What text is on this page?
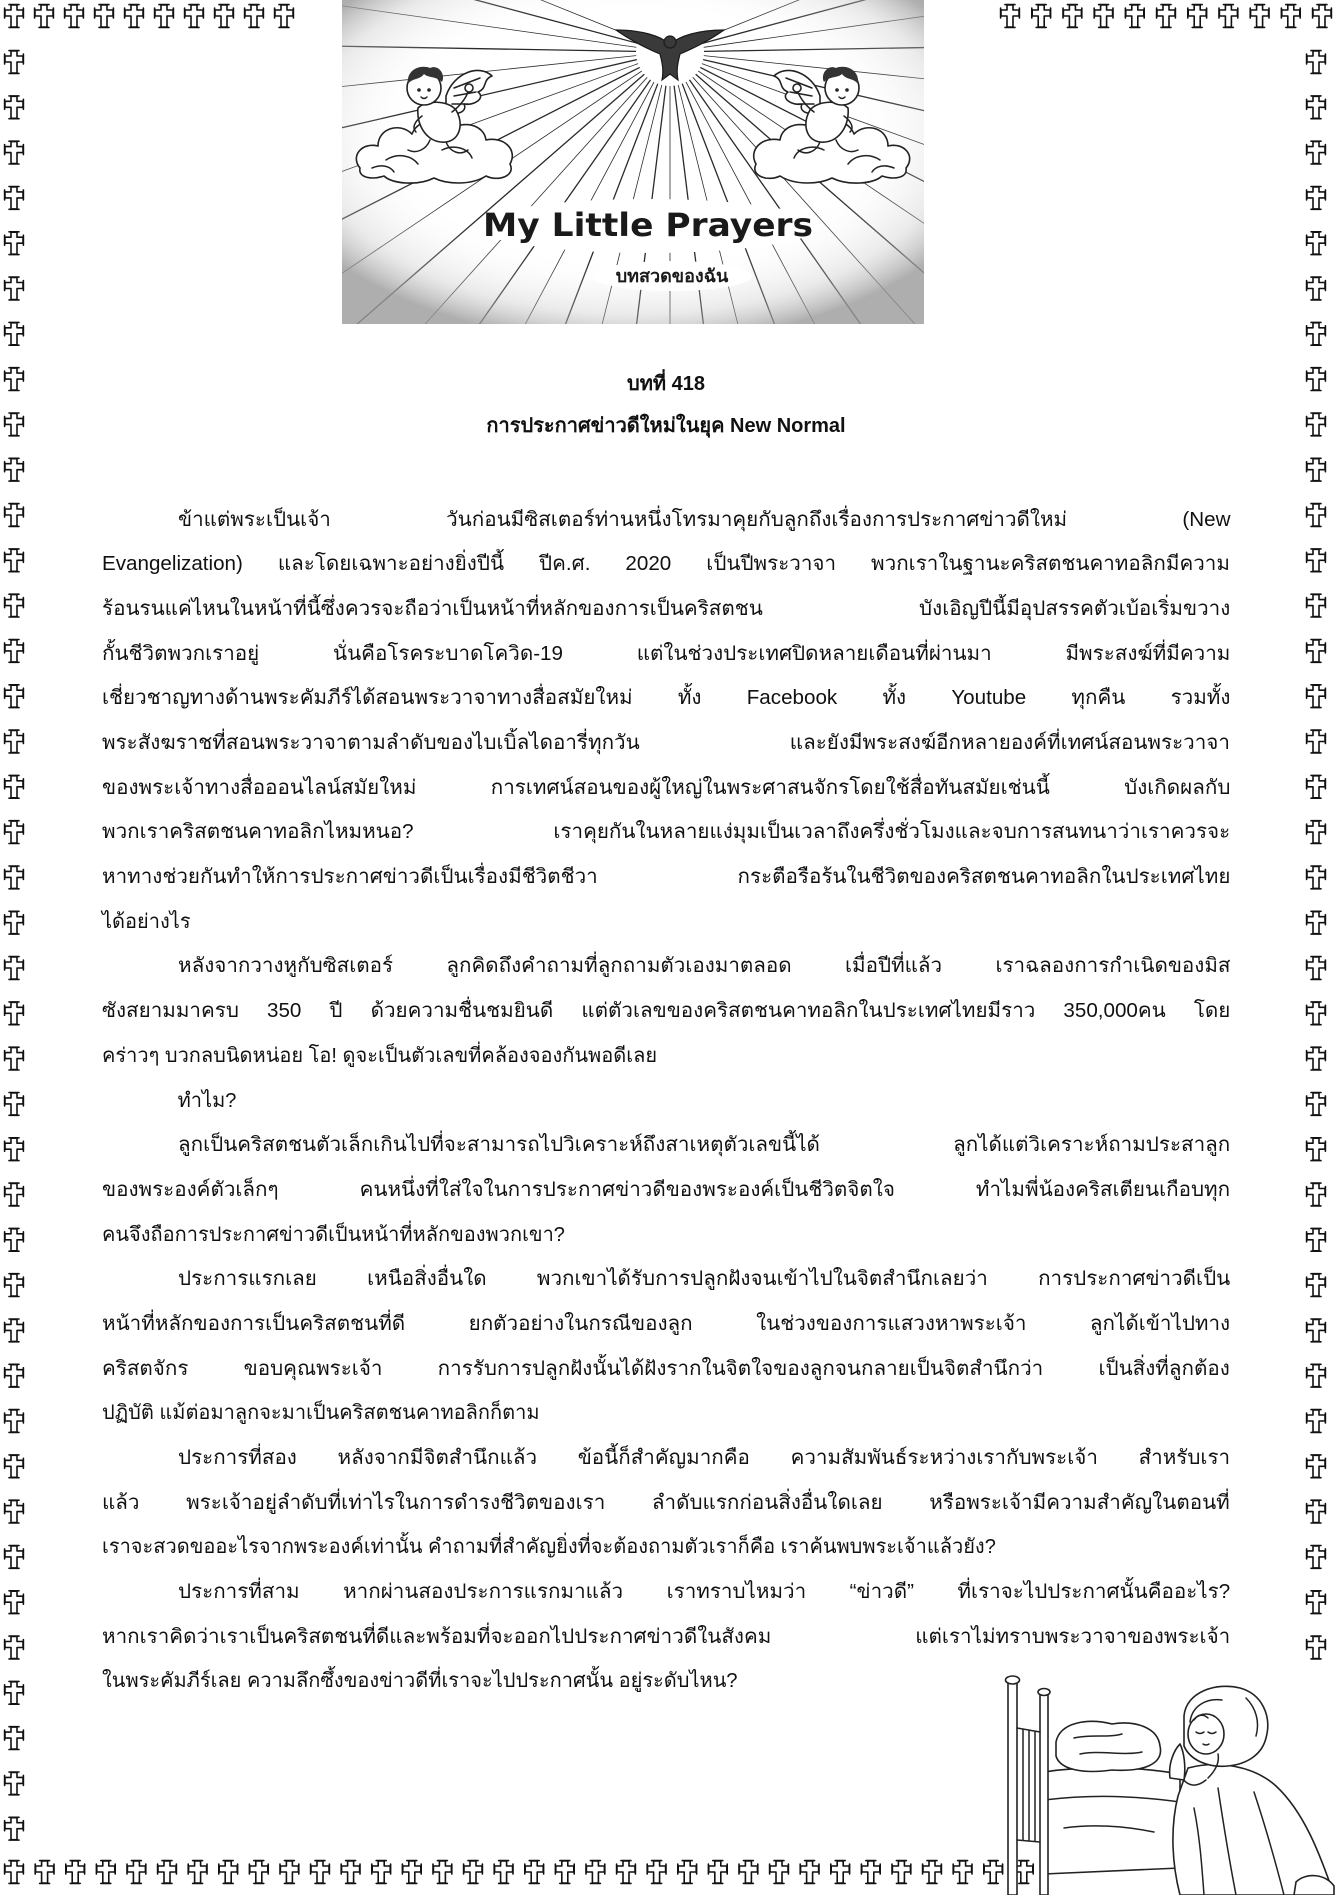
My Little Prayers
บทสวดของฉัน
บทที่ 418
การประกาศข่าวดีใหม่ในยุค New Normal
ข้าแต่พระเป็นเจ้า วันก่อนมีซิสเตอร์ท่านหนึ่งโทรมาคุยกับลูกถึงเรื่องการประกาศข่าวดีใหม่ (New
Evangelization) และโดยเฉพาะอย่างยิ่งปีนี้ ปีค.ศ. 2020 เป็นปีพระวาจา พวกเราในฐานะคริสตชนคาทอลิกมีความ
ร้อนรนแค่ไหนในหน้าที่นี้ซึ่งควรจะถือว่าเป็นหน้าที่หลักของการเป็นคริสตชน บังเอิญปีนี้มีอุปสรรคตัวเบ้อเริ่มขวาง
กั้นชีวิตพวกเราอยู่ นั่นคือโรคระบาดโควิด-19 แต่ในช่วงประเทศปิดหลายเดือนที่ผ่านมา มีพระสงฆ์ที่มีความ
เชี่ยวชาญทางด้านพระคัมภีร์ได้สอนพระวาจาทางสื่อสมัยใหม่ ทั้ง Facebook ทั้ง Youtube ทุกคืน รวมทั้ง
พระสังฆราชที่สอนพระวาจาตามลำดับของไบเบิ้ลไดอารี่ทุกวัน และยังมีพระสงฆ์อีกหลายองค์ที่เทศน์สอนพระวาจา
ของพระเจ้าทางสื่อออนไลน์สมัยใหม่ การเทศน์สอนของผู้ใหญ่ในพระศาสนจักรโดยใช้สื่อทันสมัยเช่นนี้ บังเกิดผลกับ
พวกเราคริสตชนคาทอลิกไหมหนอ? เราคุยกันในหลายแง่มุมเป็นเวลาถึงครึ่งชั่วโมงและจบการสนทนาว่าเราควรจะ
หาทางช่วยกันทำให้การประกาศข่าวดีเป็นเรื่องมีชีวิตชีวา กระตือรือร้นในชีวิตของคริสตชนคาทอลิกในประเทศไทย
ได้อย่างไร
หลังจากวางหูกับซิสเตอร์ ลูกคิดถึงคำถามที่ลูกถามตัวเองมาตลอด เมื่อปีที่แล้ว เราฉลองการกำเนิดของมิส
ซังสยามมาครบ 350 ปี ด้วยความชื่นชมยินดี แต่ตัวเลขของคริสตชนคาทอลิกในประเทศไทยมีราว 350,000คน โดย
คร่าวๆ บวกลบนิดหน่อย โอ! ดูจะเป็นตัวเลขที่คล้องจองกันพอดีเลย
ทำไม?
ลูกเป็นคริสตชนตัวเล็กเกินไปที่จะสามารถไปวิเคราะห์ถึงสาเหตุตัวเลขนี้ได้ ลูกได้แต่วิเคราะห์ถามประสาลูก
ของพระองค์ตัวเล็กๆ คนหนึ่งที่ใส่ใจในการประกาศข่าวดีของพระองค์เป็นชีวิตจิตใจ ทำไมพี่น้องคริสเตียนเกือบทุก
คนจึงถือการประกาศข่าวดีเป็นหน้าที่หลักของพวกเขา?
ประการแรกเลย เหนือสิ่งอื่นใด พวกเขาได้รับการปลูกฝังจนเข้าไปในจิตสำนึกเลยว่า การประกาศข่าวดีเป็น
หน้าที่หลักของการเป็นคริสตชนที่ดี ยกตัวอย่างในกรณีของลูก ในช่วงของการแสวงหาพระเจ้า ลูกได้เข้าไปทาง
คริสตจักร ขอบคุณพระเจ้า การรับการปลูกฝังนั้นได้ฝังรากในจิตใจของลูกจนกลายเป็นจิตสำนึกว่า เป็นสิ่งที่ลูกต้อง
ปฏิบัติ แม้ต่อมาลูกจะมาเป็นคริสตชนคาทอลิกก็ตาม
ประการที่สอง หลังจากมีจิตสำนึกแล้ว ข้อนี้ก็สำคัญมากคือ ความสัมพันธ์ระหว่างเรากับพระเจ้า สำหรับเรา
แล้ว พระเจ้าอยู่ลำดับที่เท่าไรในการดำรงชีวิตของเรา ลำดับแรกก่อนสิ่งอื่นใดเลย หรือพระเจ้ามีความสำคัญในตอนที่
เราจะสวดขออะไรจากพระองค์เท่านั้น คำถามที่สำคัญยิ่งที่จะต้องถามตัวเราก็คือ เราค้นพบพระเจ้าแล้วยัง?
ประการที่สาม หากผ่านสองประการแรกมาแล้ว เราทราบไหมว่า “ข่าวดี” ที่เราจะไปประกาศนั้นคืออะไร?
หากเราคิดว่าเราเป็นคริสตชนที่ดีและพร้อมที่จะออกไปประกาศข่าวดีในสังคม แต่เราไม่ทราบพระวาจาของพระเจ้า
ในพระคัมภีร์เลย ความลึกซึ้งของข่าวดีที่เราจะไปประกาศนั้น อยู่ระดับไหน?
